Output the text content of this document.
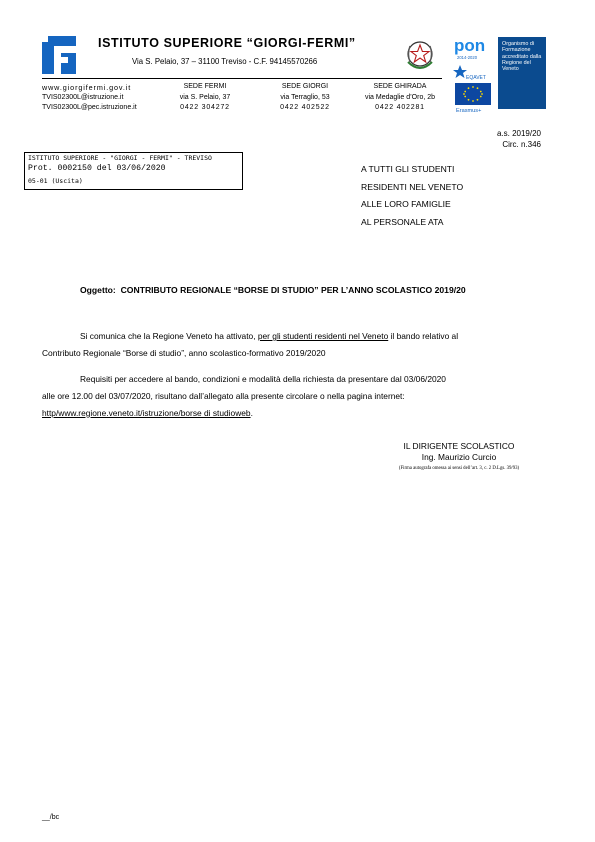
ISTITUTO SUPERIORE “GIORGI-FERMI”
Via S. Pelaio, 37 – 31100 Treviso - C.F. 94145570266
pon
2014-2020
EQAVET
Erasmus+
Organismo di Formazione accreditato dalla Regione del Veneto
www.giorgifermi.gov.it
TVIS02300L@istruzione.it
TVIS02300L@pec.istruzione.it
SEDE FERMI
via S. Pelaio, 37
0422 304272
SEDE GIORGI
via Terraglio, 53
0422 402522
SEDE GHIRADA
via Medaglie d’Oro, 2b
0422 402281
a.s. 2019/20
Circ. n.346
ISTITUTO SUPERIORE - "GIORGI - FERMI" - TREVISO
Prot. 0002150 del 03/06/2020
05-01 (Uscita)
A TUTTI GLI STUDENTI
RESIDENTI NEL VENETO
ALLE LORO FAMIGLIE
AL PERSONALE ATA
Oggetto: CONTRIBUTO REGIONALE “BORSE DI STUDIO” PER L’ANNO SCOLASTICO 2019/20
Si comunica che la Regione Veneto ha attivato, per gli studenti residenti nel Veneto il bando relativo al
Contributo Regionale “Borse di studio”, anno scolastico-formativo 2019/2020
Requisiti per accedere al bando, condizioni e modalità della richiesta da presentare dal 03/06/2020
alle ore 12.00 del 03/07/2020, risultano dall’allegato alla presente circolare o nella pagina internet:
http/www.regione.veneto.it/istruzione/borse di studioweb.
IL DIRIGENTE SCOLASTICO
Ing. Maurizio Curcio
(Firma autografa omessa ai sensi dell’art. 3, c. 2 D.Lgs. 39/93)
__/bc
